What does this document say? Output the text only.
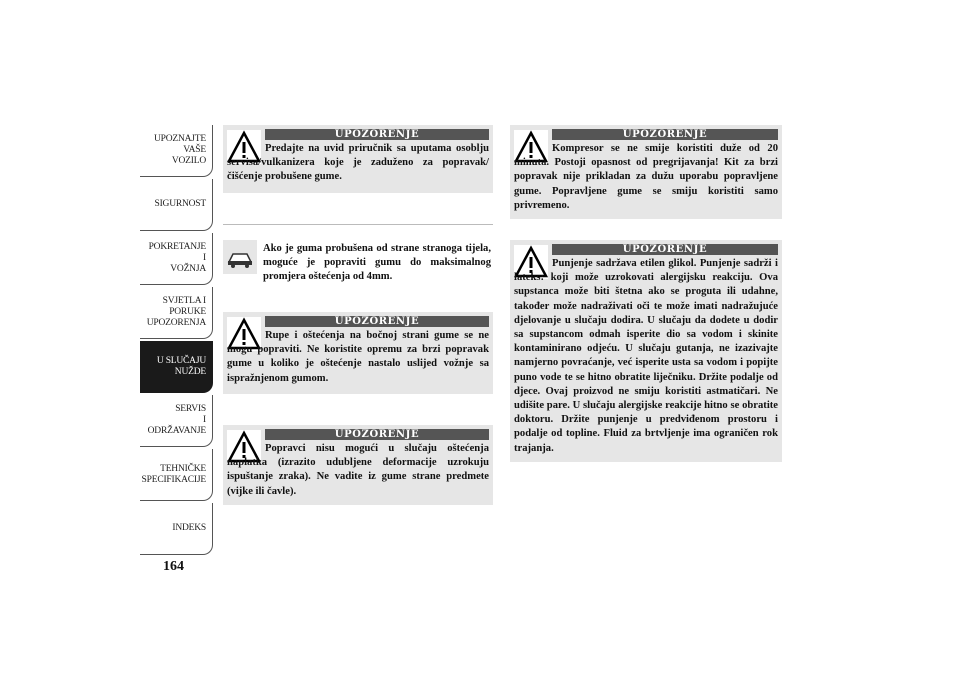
UPOZNAJTE
VAŠE
VOZILO
SIGURNOST
POKRETANJE
I
VOŽNJA
SVJETLA I
PORUKE
UPOZORENJA
U SLUČAJU
NUŽDE
SERVIS
I
ODRŽAVANJE
TEHNIČKE
SPECIFIKACIJE
INDEKS
164
UPOZORENJE
Predajte na uvid priručnik sa uputama osoblju servisa/vulkanizera koje je zaduženo za popravak/čišćenje probušene gume.
Ako je guma probušena od strane stranoga tijela, moguće je popraviti gumu do maksimalnog promjera oštećenja od 4mm.
UPOZORENJE
Rupe i oštećenja na bočnoj strani gume se ne mogu popraviti. Ne koristite opremu za brzi popravak gume u koliko je oštećenje nastalo uslijed vožnje sa ispražnjenom gumom.
UPOZORENJE
Popravci nisu mogući u slučaju oštećenja naplatka (izrazito udubljene deformacije uzrokuju ispuštanje zraka). Ne vadite iz gume strane predmete (vijke ili čavle).
UPOZORENJE
Kompresor se ne smije koristiti duže od 20 minuta. Postoji opasnost od pregrijavanja! Kit za brzi popravak nije prikladan za dužu uporabu popravljene gume. Popravljene gume se smiju koristiti samo privremeno.
UPOZORENJE
Punjenje sadržava etilen glikol. Punjenje sadrži i lateks: koji može uzrokovati alergijsku reakciju. Ova supstanca može biti štetna ako se proguta ili udahne, također može nadraživati oči te može imati nadražujuće djelovanje u slučaju dodira. U slučaju da dodete u dodir sa supstancom odmah isperite dio sa vodom i skinite kontaminirano odjeću. U slučaju gutanja, ne izazivajte namjerno povraćanje, već isperite usta sa vodom i popijte puno vode te se hitno obratite liječniku. Držite podalje od djece. Ovaj proizvod ne smiju koristiti astmatičari. Ne udišite pare. U slučaju alergijske reakcije hitno se obratite doktoru. Držite punjenje u predviđenom prostoru i podalje od topline. Fluid za brtvljenje ima ograničen rok trajanja.
